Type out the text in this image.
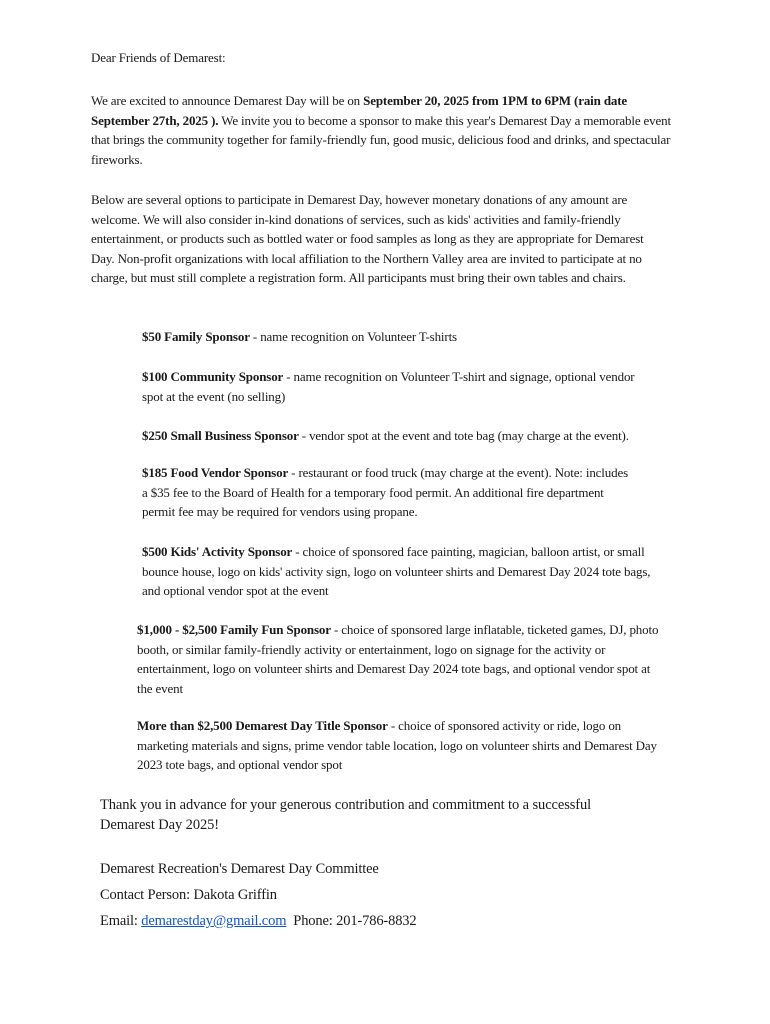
Dear Friends of Demarest:

We are excited to announce Demarest Day will be on September 20, 2025 from 1PM to 6PM (rain date September 27th, 2025 ). We invite you to become a sponsor to make this year's Demarest Day a memorable event that brings the community together for family-friendly fun, good music, delicious food and drinks, and spectacular fireworks.

Below are several options to participate in Demarest Day, however monetary donations of any amount are welcome. We will also consider in-kind donations of services, such as kids' activities and family-friendly entertainment, or products such as bottled water or food samples as long as they are appropriate for Demarest Day. Non-profit organizations with local affiliation to the Northern Valley area are invited to participate at no charge, but must still complete a registration form. All participants must bring their own tables and chairs.

$50 Family Sponsor - name recognition on Volunteer T-shirts

$100 Community Sponsor - name recognition on Volunteer T-shirt and signage, optional vendor spot at the event (no selling)

$250 Small Business Sponsor - vendor spot at the event and tote bag (may charge at the event).

$185 Food Vendor Sponsor - restaurant or food truck (may charge at the event). Note: includes a $35 fee to the Board of Health for a temporary food permit. An additional fire department permit fee may be required for vendors using propane.

$500 Kids' Activity Sponsor - choice of sponsored face painting, magician, balloon artist, or small bounce house, logo on kids' activity sign, logo on volunteer shirts and Demarest Day 2024 tote bags, and optional vendor spot at the event

$1,000 - $2,500 Family Fun Sponsor - choice of sponsored large inflatable, ticketed games, DJ, photo booth, or similar family-friendly activity or entertainment, logo on signage for the activity or entertainment, logo on volunteer shirts and Demarest Day 2024 tote bags, and optional vendor spot at the event

More than $2,500 Demarest Day Title Sponsor - choice of sponsored activity or ride, logo on marketing materials and signs, prime vendor table location, logo on volunteer shirts and Demarest Day 2023 tote bags, and optional vendor spot

Thank you in advance for your generous contribution and commitment to a successful Demarest Day 2025!

Demarest Recreation's Demarest Day Committee

Contact Person: Dakota Griffin

Email: demarestday@gmail.com Phone: 201-786-8832
